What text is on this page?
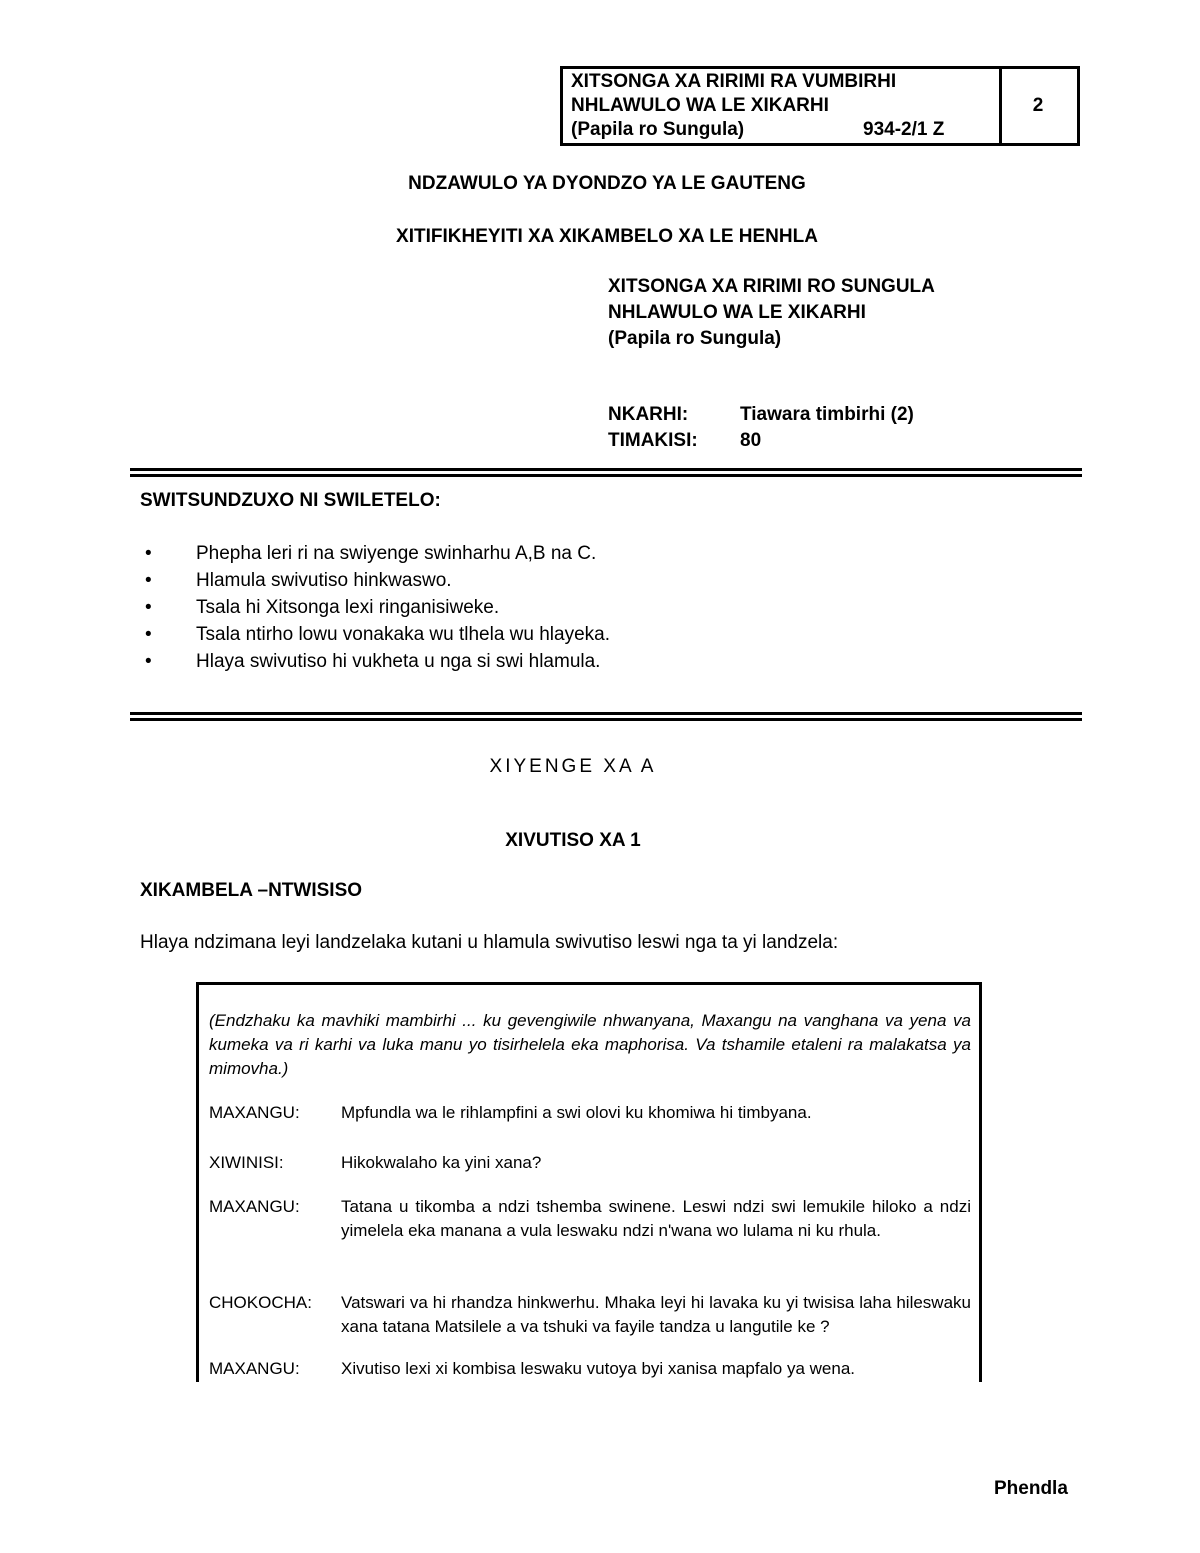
XITSONGA XA RIRIMI RA VUMBIRHI
NHLAWULO WA LE XIKARHI
(Papila ro Sungula)	934-2/1 Z
2
NDZAWULO YA DYONDZO YA LE GAUTENG
XITIFIKHEYITI XA XIKAMBELO XA LE HENHLA
XITSONGA XA RIRIMI RO SUNGULA
NHLAWULO WA LE XIKARHI
(Papila ro Sungula)
NKARHI:	Tiawara timbirhi (2)
TIMAKISI: 80
SWITSUNDZUXO NI SWILETELO:
• Phepha leri ri na swiyenge swinharhu A,B na C.
• Hlamula swivutiso hinkwaswo.
• Tsala hi Xitsonga lexi ringanisiweke.
• Tsala ntirho lowu vonakaka wu tlhela wu hlayeka.
• Hlaya swivutiso hi vukheta u nga si swi hlamula.
XIYENGE XA A
XIVUTISO XA 1
XIKAMBELA –NTWISISO
Hlaya ndzimana leyi landzelaka kutani u hlamula swivutiso leswi nga ta yi landzela:
(Endzhaku ka mavhiki mambirhi ... ku gevengiwile nhwanyana, Maxangu na vanghana va yena va kumeka va ri karhi va luka manu yo tisirhelela eka maphorisa. Va tshamile etaleni ra malakatsa ya mimovha.)
MAXANGU: Mpfundla wa le rihlampfini a swi olovi ku khomiwa hi timbyana.
XIWINISI:	Hikokwalaho ka yini xana?
MAXANGU: Tatana u tikomba a ndzi tshemba swinene. Leswi ndzi swi lemukile hiloko a ndzi yimelela eka manana a vula leswaku ndzi n'wana wo lulama ni ku rhula.
CHOKOCHA: Vatswari va hi rhandza hinkwerhu. Mhaka leyi hi lavaka ku yi twisisa laha hileswaku xana tatana Matsilele a va tshuki va fayile tandza u langutile ke ?
MAXANGU: Xivutiso lexi xi kombisa leswaku vutoya byi xanisa mapfalo ya wena.
Phendla
